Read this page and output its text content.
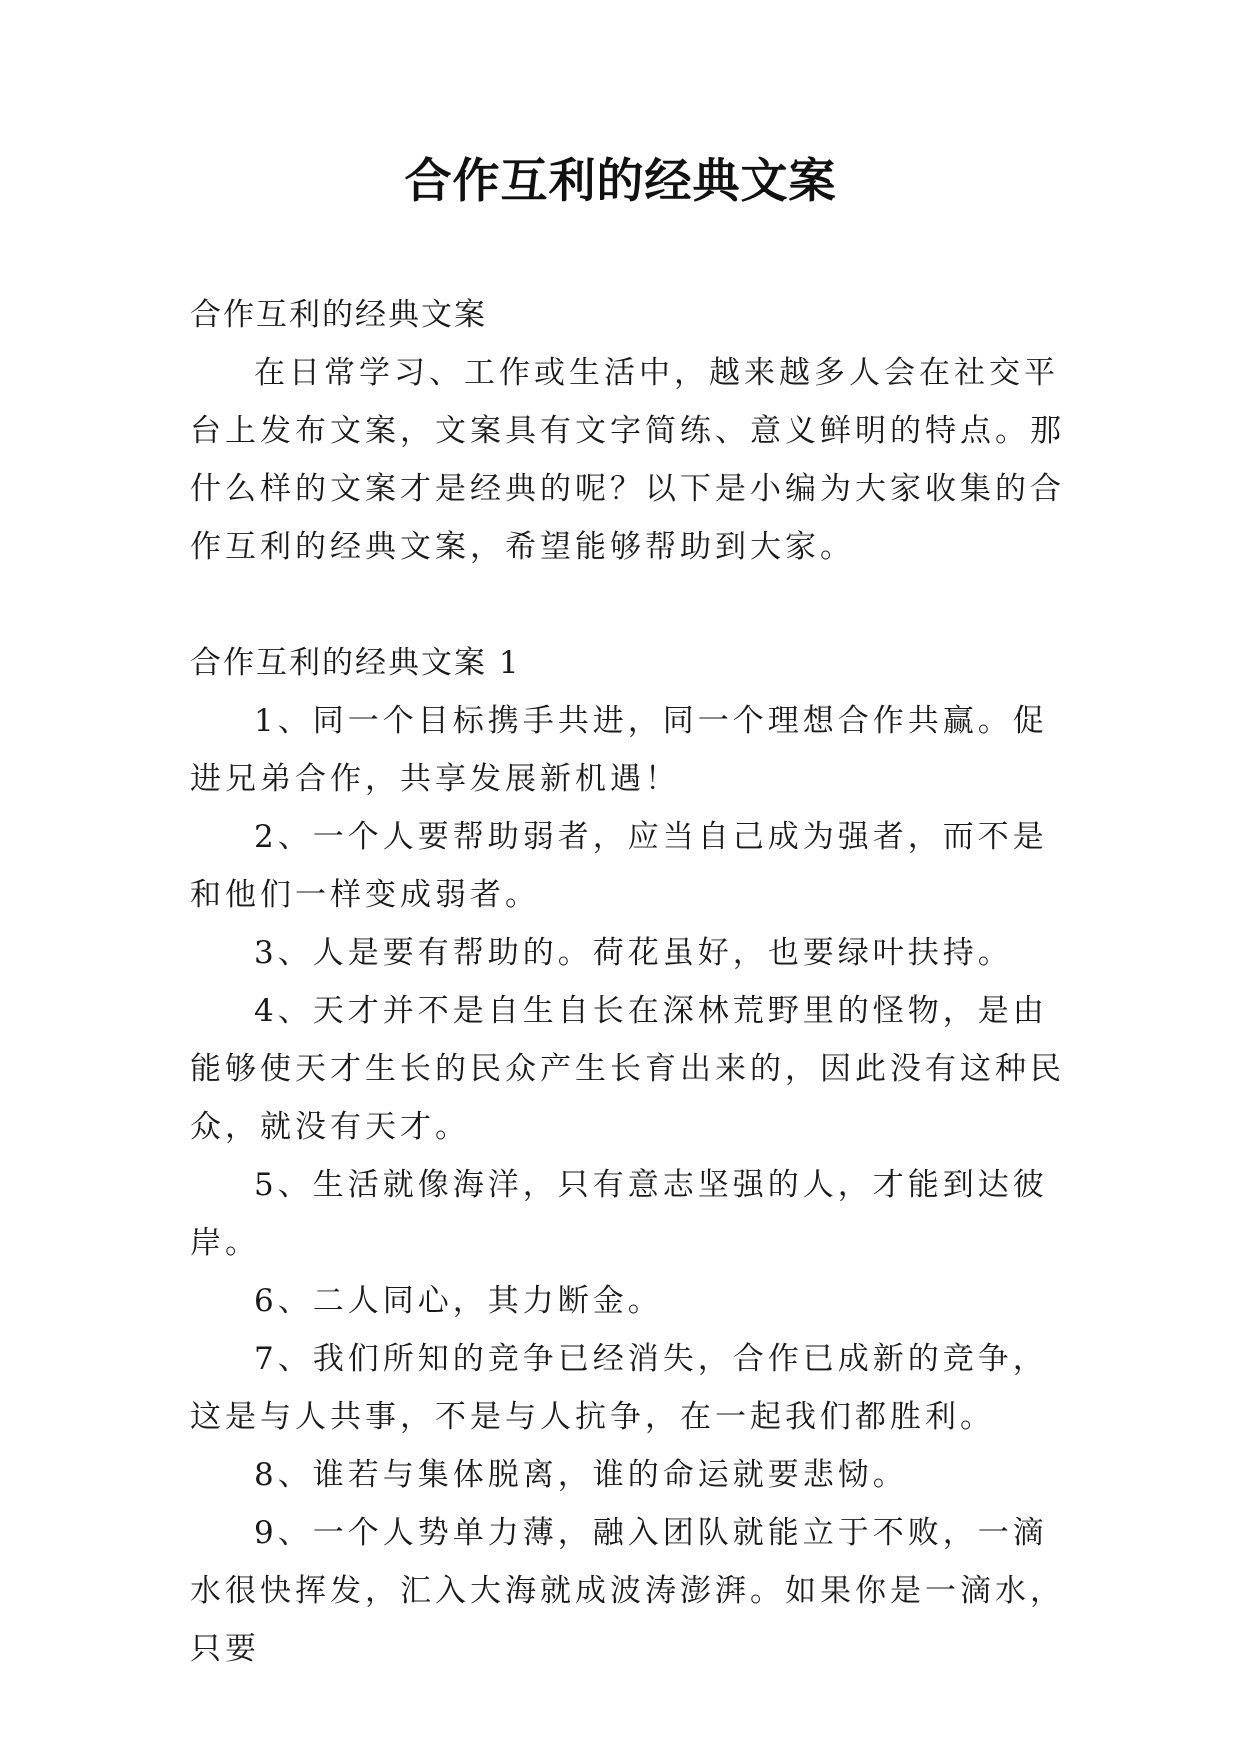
合作互利的经典文案

合作互利的经典文案

在日常学习、工作或生活中，越来越多人会在社交平台上发布文案，文案具有文字简练、意义鲜明的特点。那什么样的文案才是经典的呢？以下是小编为大家收集的合作互利的经典文案，希望能够帮助到大家。

合作互利的经典文案 1

1、同一个目标携手共进，同一个理想合作共赢。促进兄弟合作，共享发展新机遇！

2、一个人要帮助弱者，应当自己成为强者，而不是和他们一样变成弱者。

3、人是要有帮助的。荷花虽好，也要绿叶扶持。

4、天才并不是自生自长在深林荒野里的怪物，是由能够使天才生长的民众产生长育出来的，因此没有这种民众，就没有天才。

5、生活就像海洋，只有意志坚强的人，才能到达彼岸。

6、二人同心，其力断金。

7、我们所知的竞争已经消失，合作已成新的竞争，这是与人共事，不是与人抗争，在一起我们都胜利。

8、谁若与集体脱离，谁的命运就要悲恸。

9、一个人势单力薄，融入团队就能立于不败，一滴水很快挥发，汇入大海就成波涛澎湃。如果你是一滴水，只要
